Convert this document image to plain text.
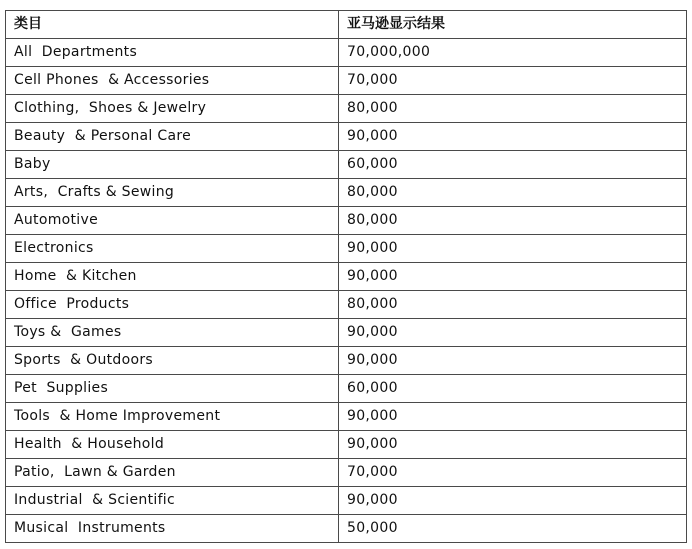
类目	亚马逊显示结果
All  Departments	70,000,000
Cell Phones  & Accessories	70,000
Clothing,  Shoes & Jewelry	80,000
Beauty  & Personal Care	90,000
Baby	60,000
Arts,  Crafts & Sewing	80,000
Automotive	80,000
Electronics	90,000
Home  & Kitchen	90,000
Office  Products	80,000
Toys &  Games	90,000
Sports  & Outdoors	90,000
Pet  Supplies	60,000
Tools  & Home Improvement	90,000
Health  & Household	90,000
Patio,  Lawn & Garden	70,000
Industrial  & Scientific	90,000
Musical  Instruments	50,000
